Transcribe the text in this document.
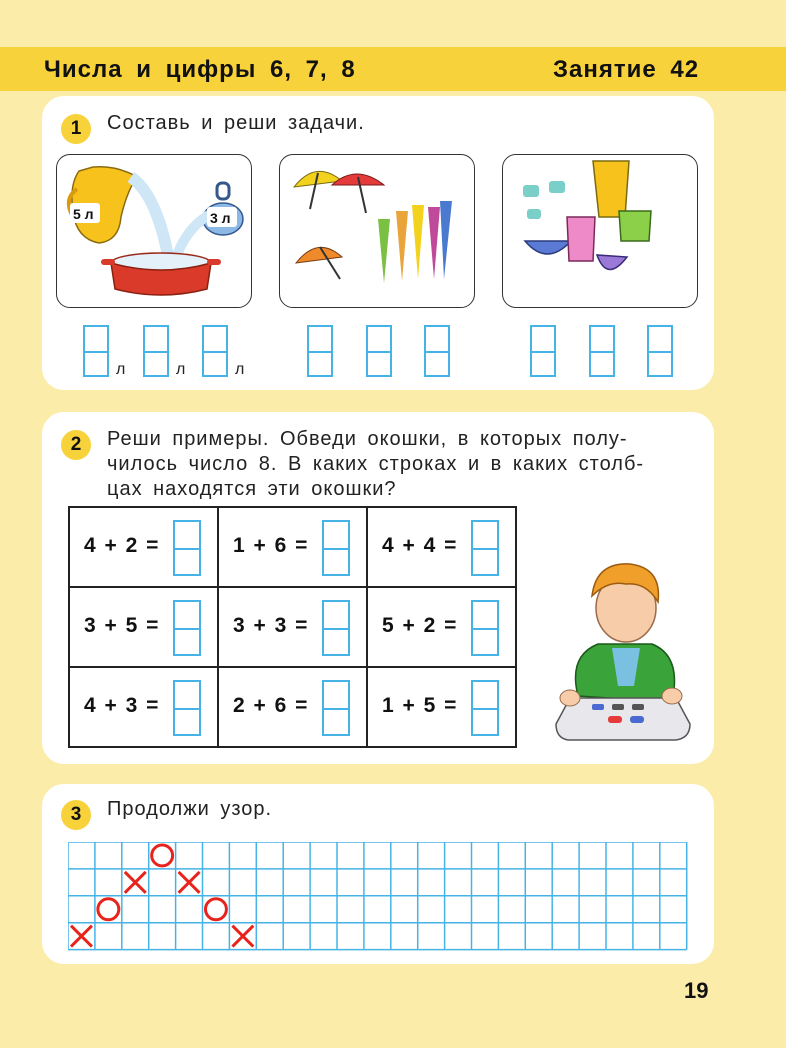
Числа и цифры 6, 7, 8	Занятие 42
1	Составь и реши задачи.
5 л	3 л
л	л	л
2	Реши примеры. Обведи окошки, в которых полу-
чилось число 8. В каких строках и в каких столб-
цах находятся эти окошки?
4 + 2 =	1 + 6 =	4 + 4 =

3 + 5 =	3 + 3 =	5 + 2 =

4 + 3 =	2 + 6 =	1 + 5 =
3	Продолжи узор.
19
